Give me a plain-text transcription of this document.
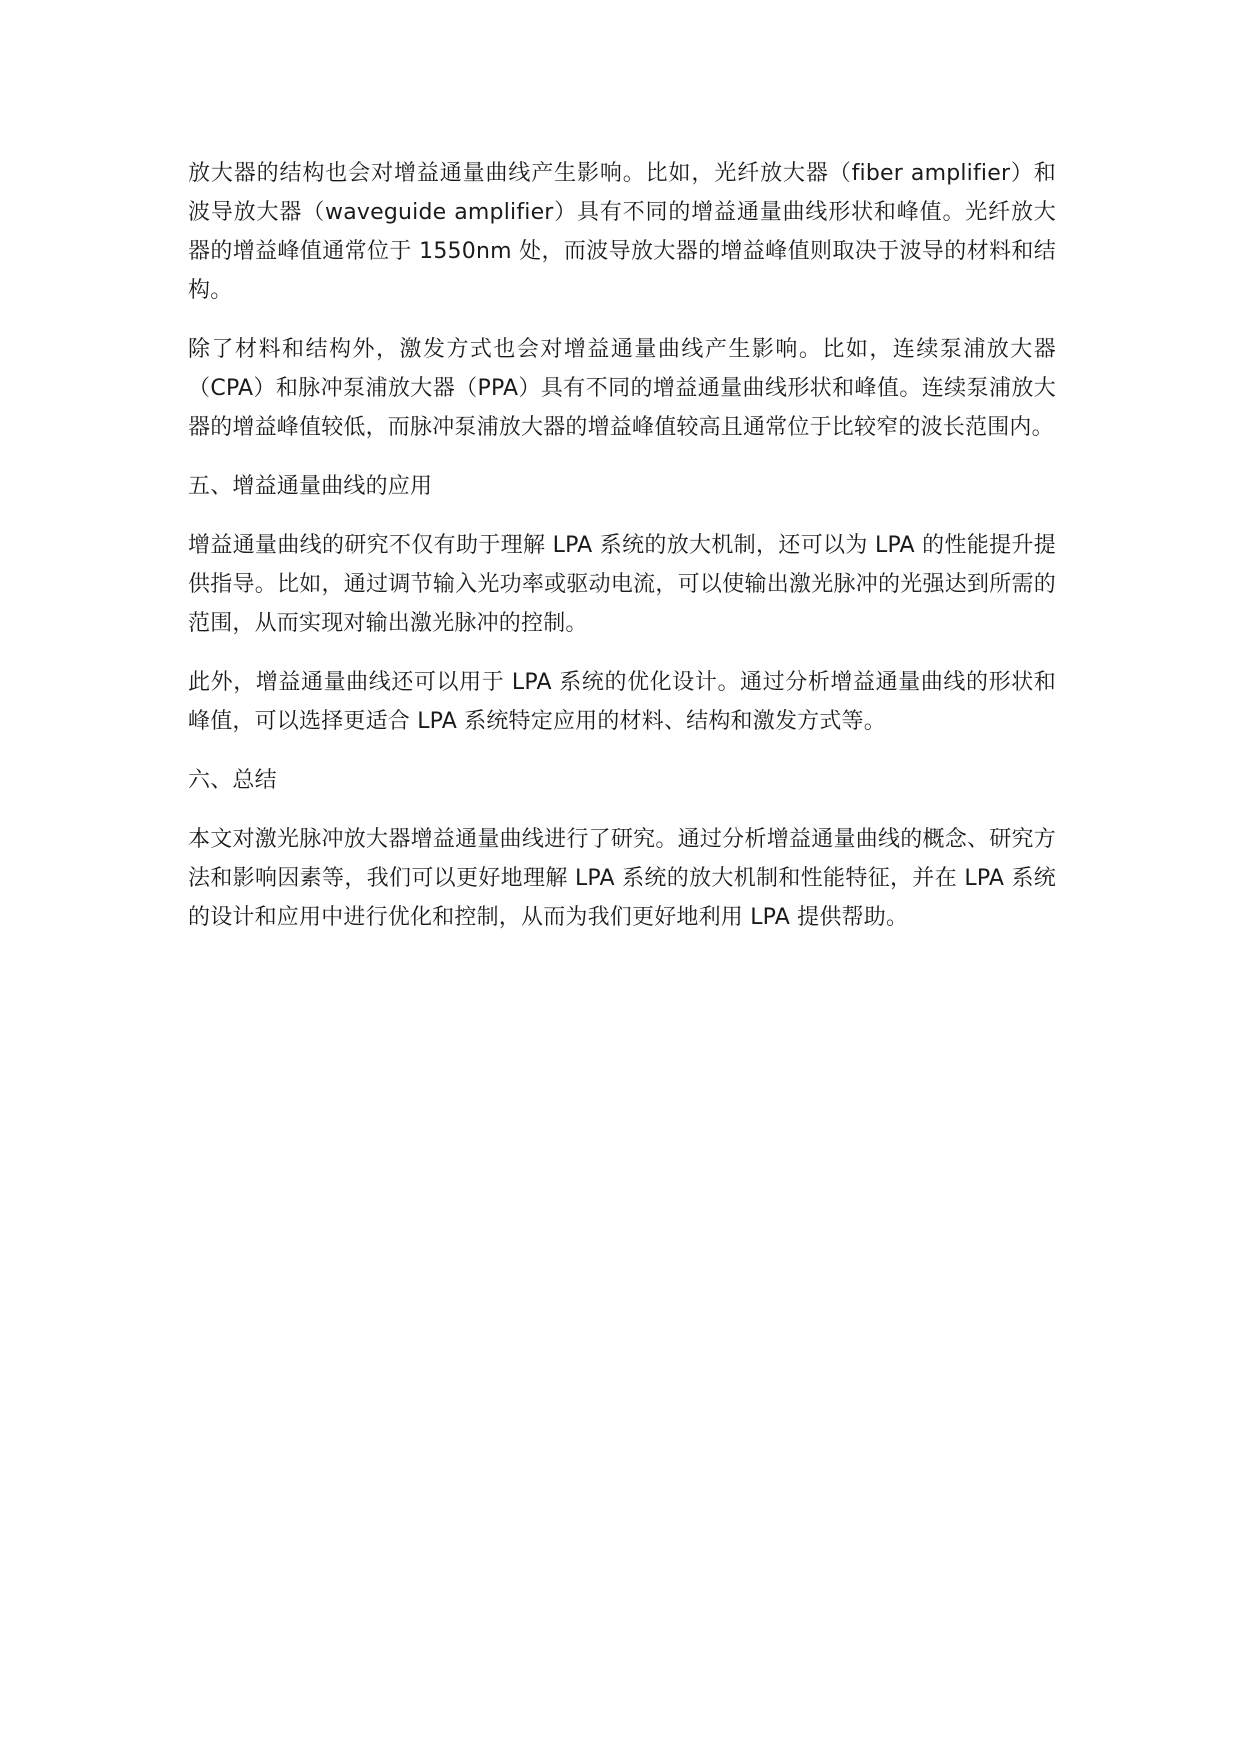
放大器的结构也会对增益通量曲线产生影响。比如，光纤放大器（fiber amplifier）和波导放大器（waveguide amplifier）具有不同的增益通量曲线形状和峰值。光纤放大器的增益峰值通常位于 1550nm 处，而波导放大器的增益峰值则取决于波导的材料和结构。

除了材料和结构外，激发方式也会对增益通量曲线产生影响。比如，连续泵浦放大器（CPA）和脉冲泵浦放大器（PPA）具有不同的增益通量曲线形状和峰值。连续泵浦放大器的增益峰值较低，而脉冲泵浦放大器的增益峰值较高且通常位于比较窄的波长范围内。

五、增益通量曲线的应用

增益通量曲线的研究不仅有助于理解 LPA 系统的放大机制，还可以为 LPA 的性能提升提供指导。比如，通过调节输入光功率或驱动电流，可以使输出激光脉冲的光强达到所需的范围，从而实现对输出激光脉冲的控制。

此外，增益通量曲线还可以用于 LPA 系统的优化设计。通过分析增益通量曲线的形状和峰值，可以选择更适合 LPA 系统特定应用的材料、结构和激发方式等。

六、总结

本文对激光脉冲放大器增益通量曲线进行了研究。通过分析增益通量曲线的概念、研究方法和影响因素等，我们可以更好地理解 LPA 系统的放大机制和性能特征，并在 LPA 系统的设计和应用中进行优化和控制，从而为我们更好地利用 LPA 提供帮助。
